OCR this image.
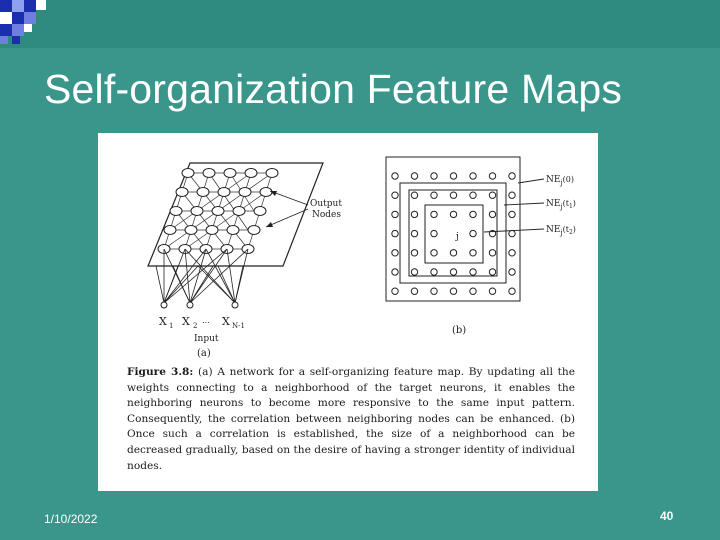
Self-organization Feature Maps
Output
Nodes
X 1 X 2
... X N-1
Input
(a)
j
$NE_j(0)$
$NE_j(t_1)$
$NE_j(t_2)$
(b)

Figure 3.8: (a) A network for a self-organizing feature map. By updating all the weights connecting to a neighborhood of the target neurons, it enables the neighboring neurons to become more responsive to the same input pattern. Consequently, the correlation between neighboring nodes can be enhanced. (b) Once such a correlation is established, the size of a neighborhood can be decreased gradually, based on the desire of having a stronger identity of individual nodes.

1/10/2022	40
